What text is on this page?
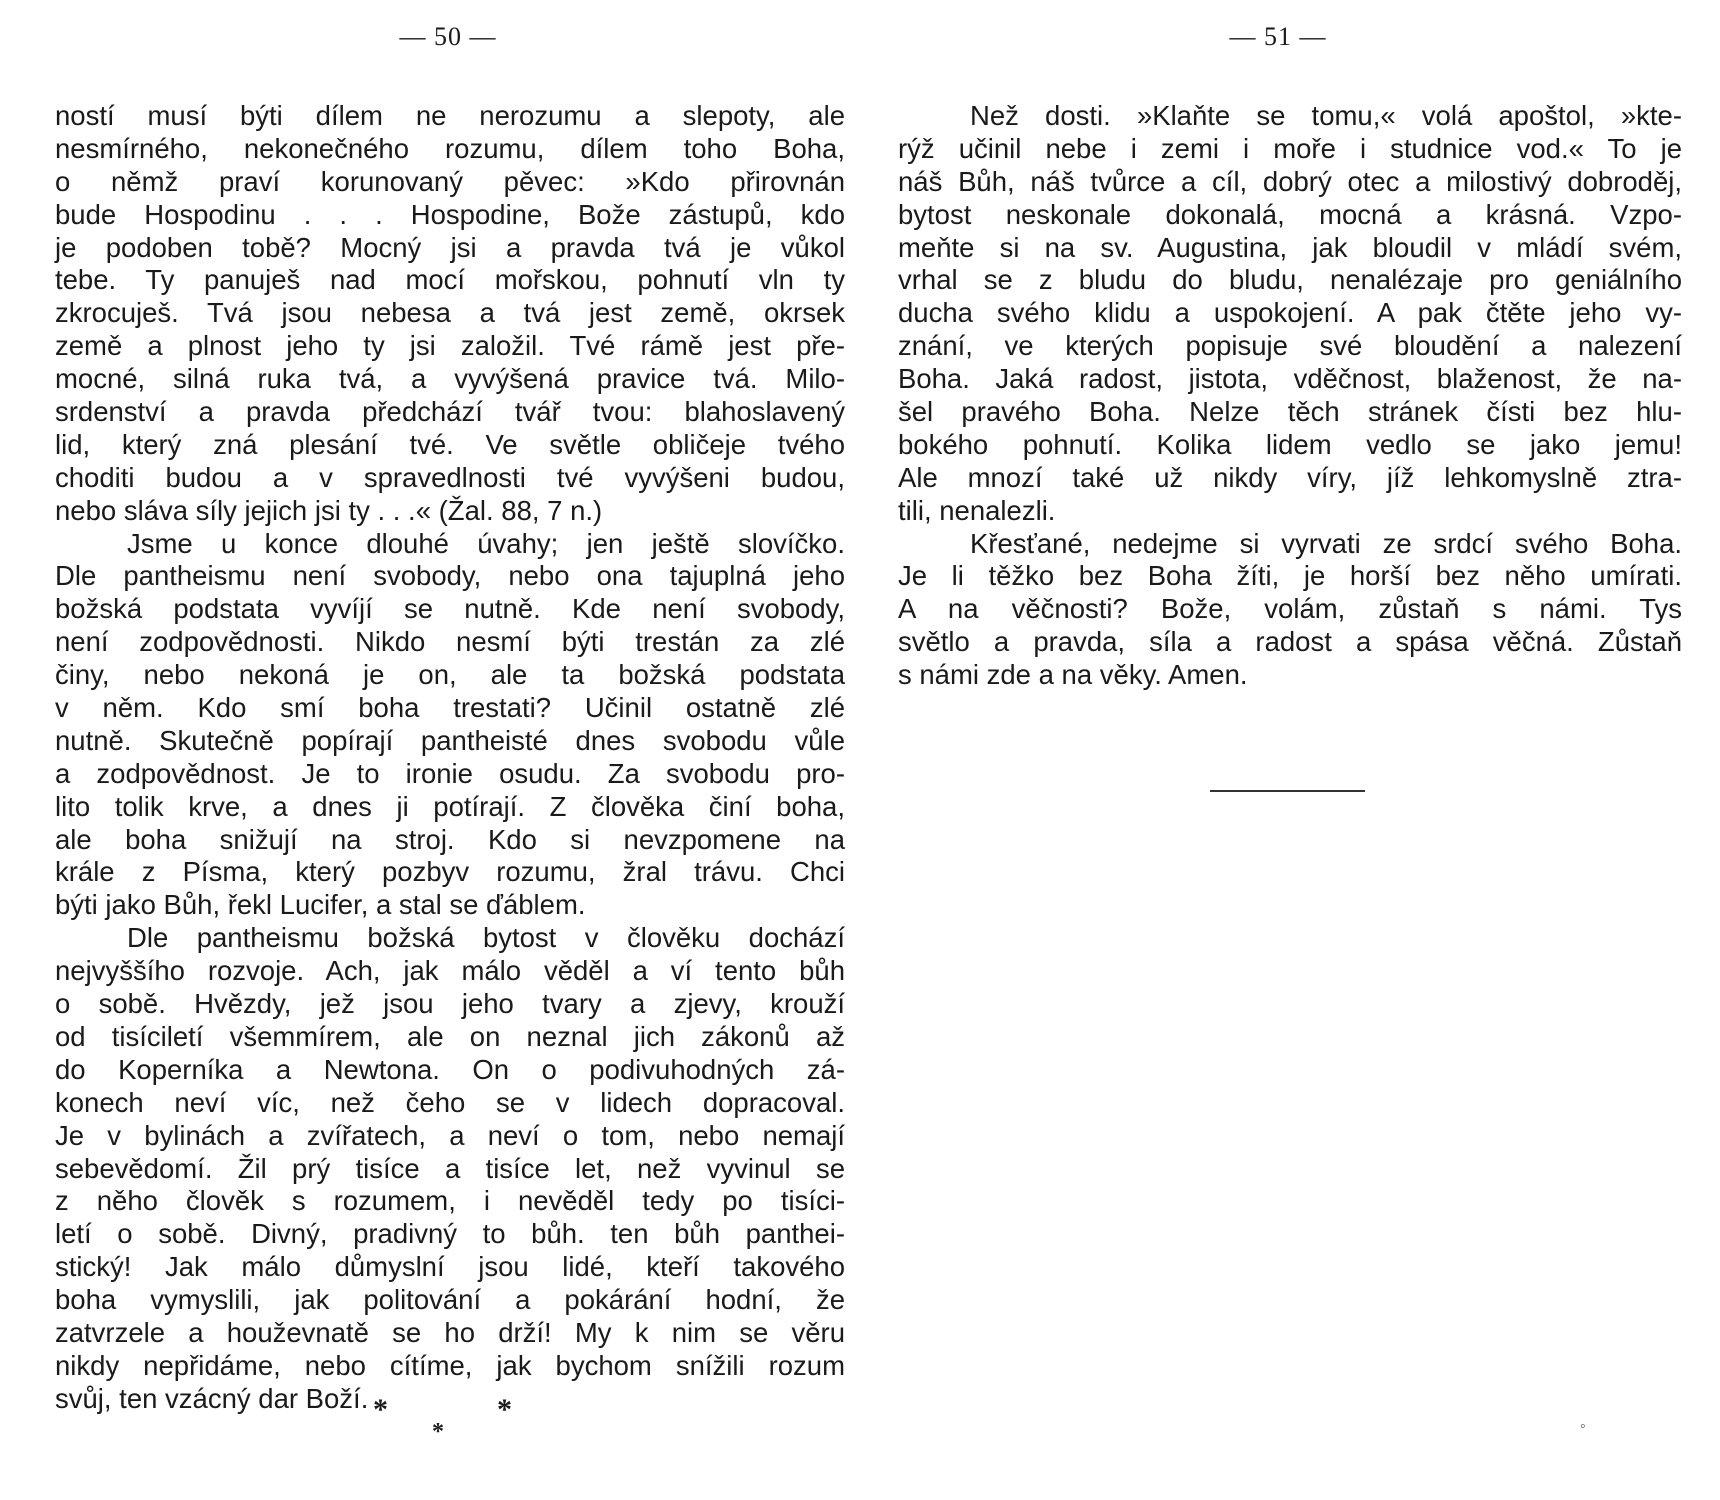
— 50 —
ností musí býti dílem ne nerozumu a slepoty, ale
nesmírného, nekonečného rozumu, dílem toho Boha,
o němž praví korunovaný pěvec: »Kdo přirovnán
bude Hospodinu . . . Hospodine, Bože zástupů, kdo
je podoben tobě? Mocný jsi a pravda tvá je vůkol
tebe. Ty panuješ nad mocí mořskou, pohnutí vln ty
zkrocuješ. Tvá jsou nebesa a tvá jest země, okrsek
země a plnost jeho ty jsi založil. Tvé rámě jest pře-
mocné, silná ruka tvá, a vyvýšená pravice tvá. Milo-
srdenství a pravda předchází tvář tvou: blahoslavený
lid, který zná plesání tvé. Ve světle obličeje tvého
choditi budou a v spravedlnosti tvé vyvýšeni budou,
nebo sláva síly jejich jsi ty . . .« (Žal. 88, 7 n.)
Jsme u konce dlouhé úvahy; jen ještě slovíčko.
Dle pantheismu není svobody, nebo ona tajuplná jeho
božská podstata vyvíjí se nutně. Kde není svobody,
není zodpovědnosti. Nikdo nesmí býti trestán za zlé
činy, nebo nekoná je on, ale ta božská podstata
v něm. Kdo smí boha trestati? Učinil ostatně zlé
nutně. Skutečně popírají pantheisté dnes svobodu vůle
a zodpovědnost. Je to ironie osudu. Za svobodu pro-
lito tolik krve, a dnes ji potírají. Z člověka činí boha,
ale boha snižují na stroj. Kdo si nevzpomene na
krále z Písma, který pozbyv rozumu, žral trávu. Chci
býti jako Bůh, řekl Lucifer, a stal se ďáblem.
Dle pantheismu božská bytost v člověku dochází
nejvyššího rozvoje. Ach, jak málo věděl a ví tento bůh
o sobě. Hvězdy, jež jsou jeho tvary a zjevy, krouží
od tisíciletí všemmírem, ale on neznal jich zákonů až
do Koperníka a Newtona. On o podivuhodných zá-
konech neví víc, než čeho se v lidech dopracoval.
Je v bylinách a zvířatech, a neví o tom, nebo nemají
sebevědomí. Žil prý tisíce a tisíce let, než vyvinul se
z něho člověk s rozumem, i nevěděl tedy po tisíci-
letí o sobě. Divný, pradivný to bůh. ten bůh panthei-
stický! Jak málo důmyslní jsou lidé, kteří takového
boha vymyslili, jak politování a pokárání hodní, že
zatvrzele a houževnatě se ho drží! My k nim se věru
nikdy nepřidáme, nebo cítíme, jak bychom snížili rozum
svůj, ten vzácný dar Boží. *
*
*
— 51 —
Než dosti. »Klaňte se tomu,« volá apoštol, »kte-
rýž učinil nebe i zemi i moře i studnice vod.« To je
náš Bůh, náš tvůrce a cíl, dobrý otec a milostivý dobroděj,
bytost neskonale dokonalá, mocná a krásná. Vzpo-
meňte si na sv. Augustina, jak bloudil v mládí svém,
vrhal se z bludu do bludu, nenalézaje pro geniálního
ducha svého klidu a uspokojení. A pak čtěte jeho vy-
znání, ve kterých popisuje své bloudění a nalezení
Boha. Jaká radost, jistota, vděčnost, blaženost, že na-
šel pravého Boha. Nelze těch stránek čísti bez hlu-
bokého pohnutí. Kolika lidem vedlo se jako jemu!
Ale mnozí také už nikdy víry, jíž lehkomyslně ztra-
tili, nenalezli.
Křesťané, nedejme si vyrvati ze srdcí svého Boha.
Je li těžko bez Boha žíti, je horší bez něho umírati.
A na věčnosti? Bože, volám, zůstaň s námi. Tys
světlo a pravda, síla a radost a spása věčná. Zůstaň
s námi zde a na věky. Amen.
◦
